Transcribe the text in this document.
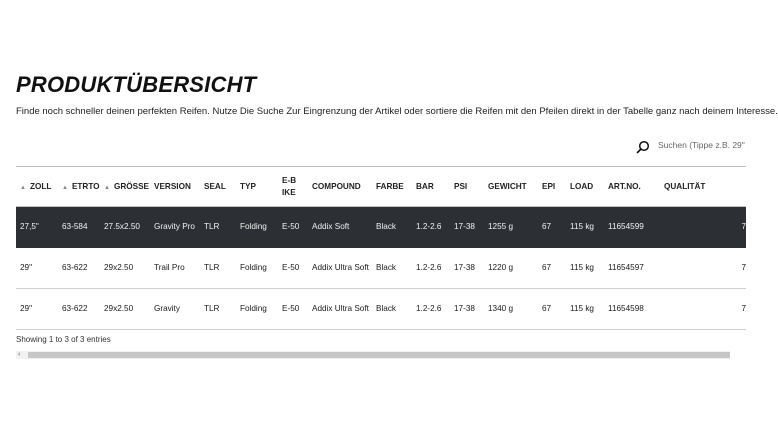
PRODUKTÜBERSICHT
Finde noch schneller deinen perfekten Reifen. Nutze Die Suche Zur Eingrenzung der Artikel oder sortiere die Reifen mit den Pfeilen direkt in der Tabelle ganz nach deinem Interesse.
Suchen (Tippe z.B. 29" ...
▲ ZOLL	▲ ETRTO	▲ GRÖSSE	VERSION	SEAL	TYP	E-BIKE	COMPOUND	FARBE	BAR	PSI	GEWICHT	EPI	LOAD	ART.NO.	QUALITÄT
27,5"	63-584	27.5x2.50	Gravity Pro	TLR	Folding	E-50	Addix Soft	Black	1.2-2.6	17-38	1255 g	67	115 kg	11654599	7
29"	63-622	29x2.50	Trail Pro	TLR	Folding	E-50	Addix Ultra Soft	Black	1.2-2.6	17-38	1220 g	67	115 kg	11654597	7
29"	63-622	29x2.50	Gravity	TLR	Folding	E-50	Addix Ultra Soft	Black	1.2-2.6	17-38	1340 g	67	115 kg	11654598	7
Showing 1 to 3 of 3 entries
‹
